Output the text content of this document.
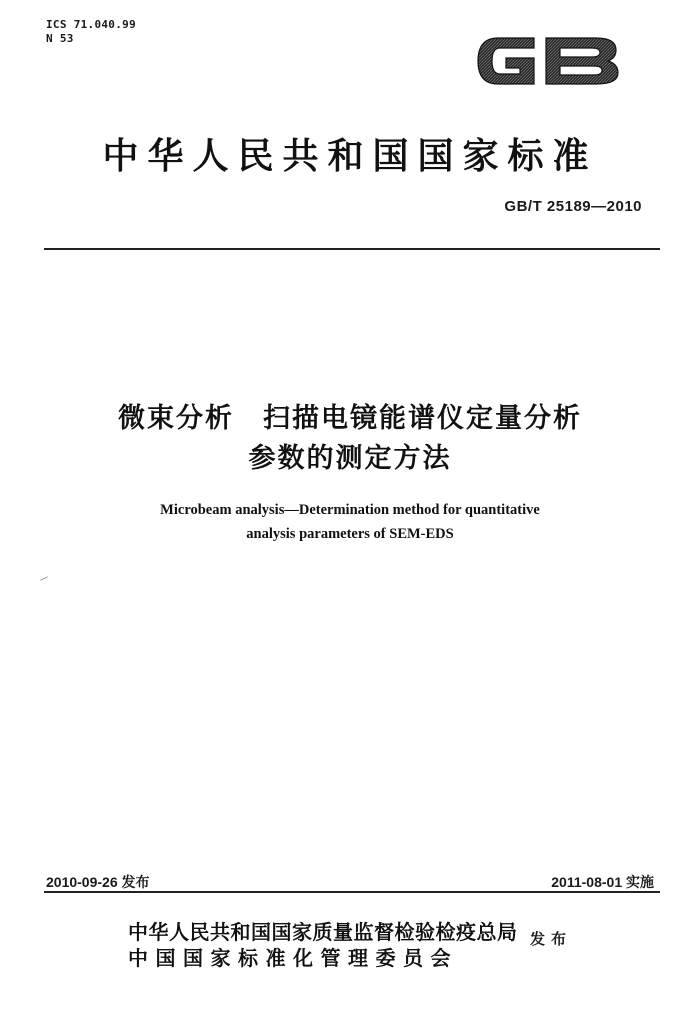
ICS 71.040.99
N 53
GB
中华人民共和国国家标准
GB/T 25189—2010
微束分析　扫描电镜能谱仪定量分析
参数的测定方法
Microbeam analysis—Determination method for quantitative
analysis parameters of SEM-EDS
2010-09-26 发布	2011-08-01 实施
中华人民共和国国家质量监督检验检疫总局
中国国家标准化管理委员会
发布
